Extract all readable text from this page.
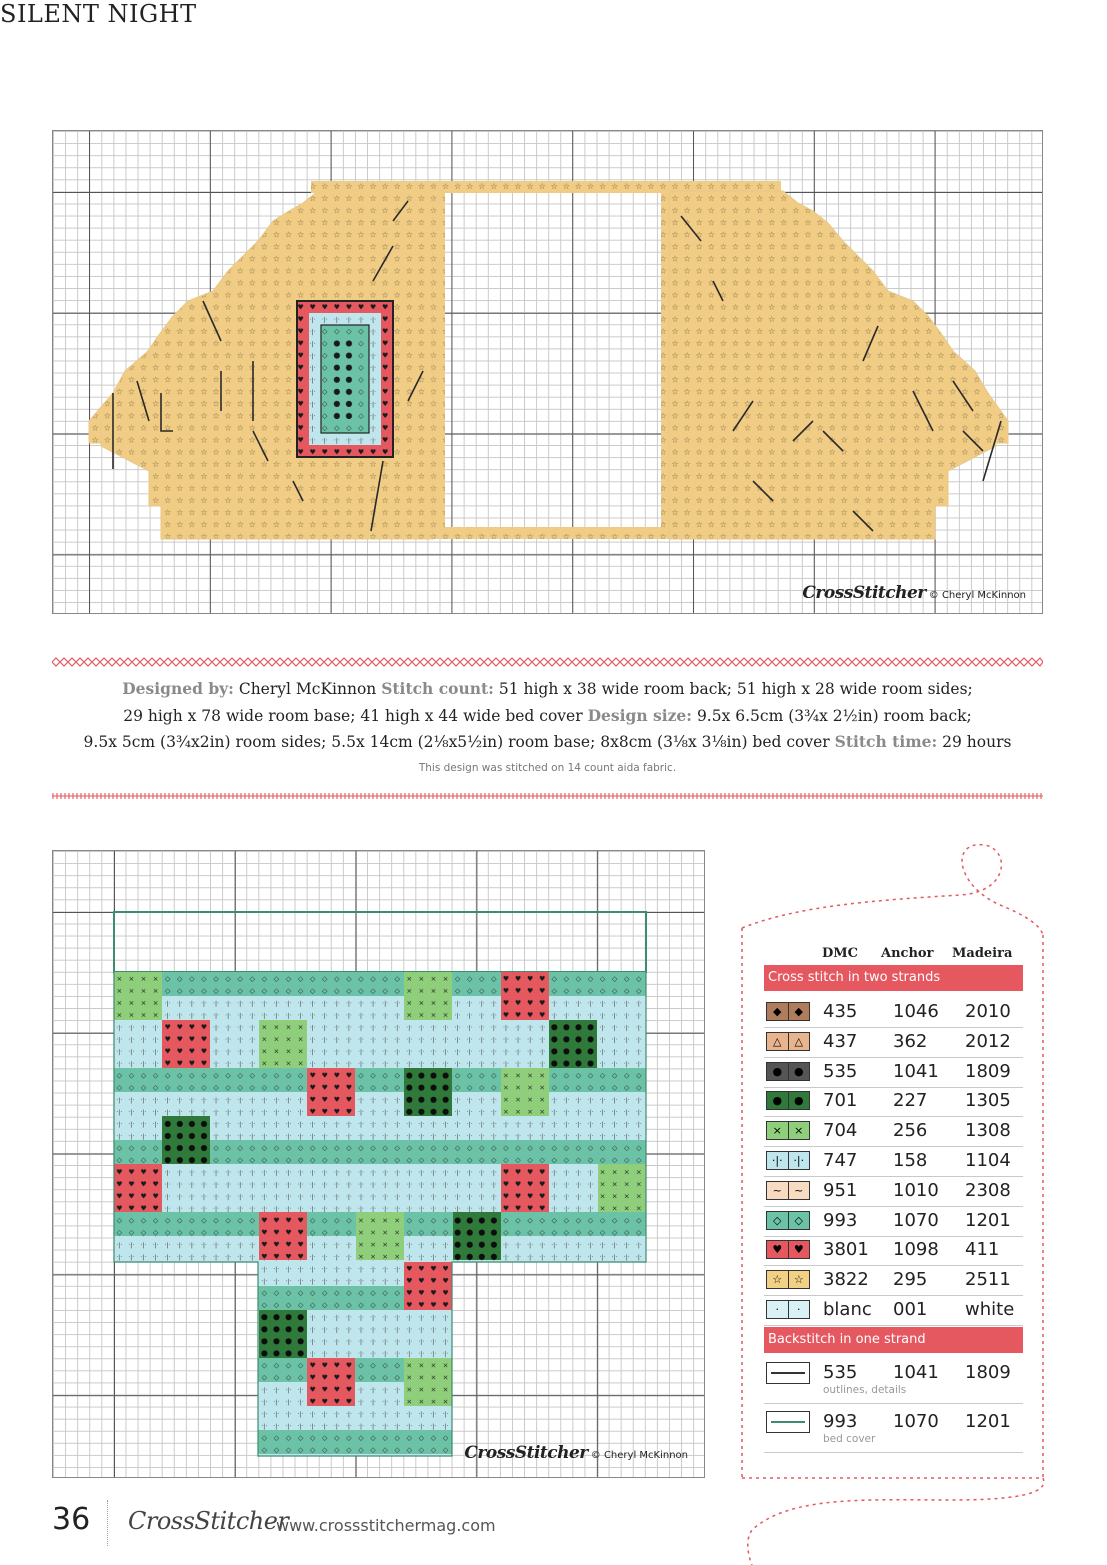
SILENT NIGHT
CrossStitcher © Cheryl McKinnon
Designed by: Cheryl McKinnon Stitch count: 51 high x 38 wide room back; 51 high x 28 wide room sides;
29 high x 78 wide room base; 41 high x 44 wide bed cover Design size: 9.5x 6.5cm (3¾x 2½in) room back;
9.5x 5cm (3¾x2in) room sides; 5.5x 14cm (2⅛x5½in) room base; 8x8cm (3⅛x 3⅛in) bed cover Stitch time: 29 hours
This design was stitched on 14 count aida fabric.
CrossStitcher © Cheryl McKinnon
DMC Anchor Madeira
Cross stitch in two strands
◆	◆	435 1046 2010
△	△	437 362 2012
●	●	535 1041 1809
●	●	701 227 1305
×	×	704 256 1308
·|· ·|· 747 158 1104
~	~	951 1010 2308
◇	◇	993 1070 1201
♥	♥ 3801 1098 411
☆	☆ 3822 295 2511
·	·	blanc 001 white
Backstitch in one strand
535 1041 1809
outlines, details
993 1070 1201
bed cover
36 CrossStitcher
www.crossstitchermag.com
